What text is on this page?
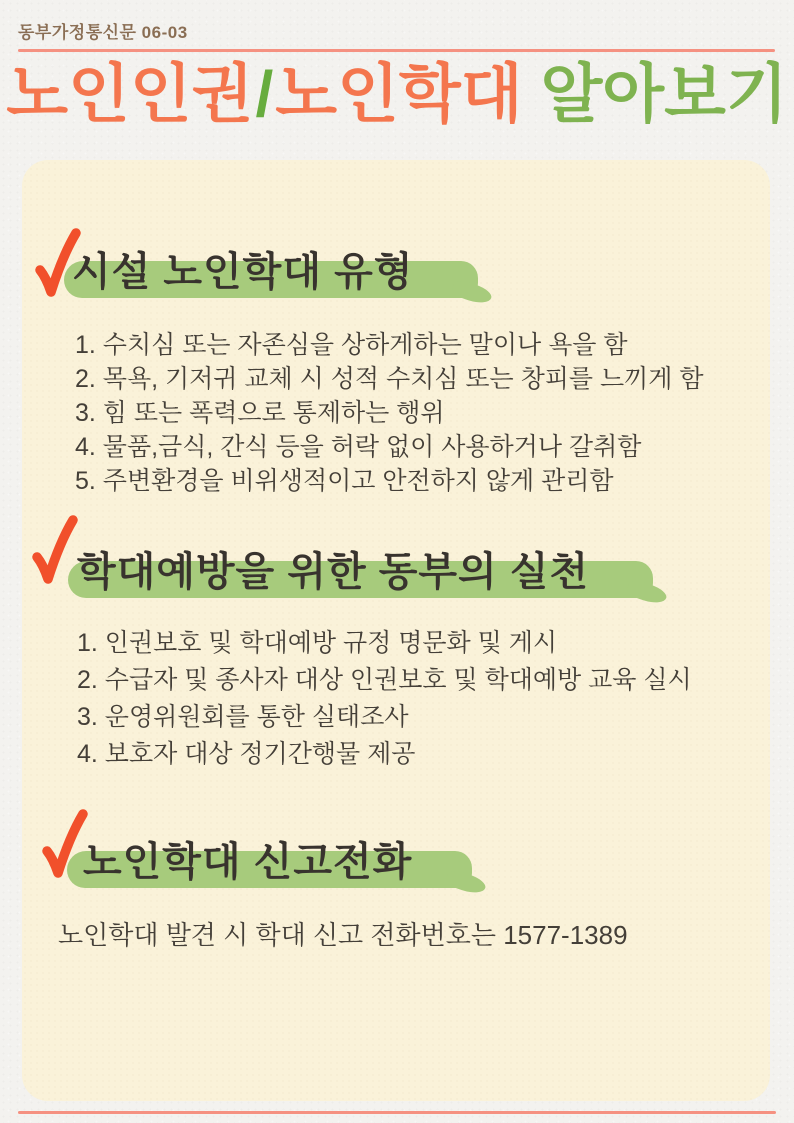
동부가정통신문 06-03
노인인권/노인학대 알아보기
시설 노인학대 유형
1. 수치심 또는 자존심을 상하게하는 말이나 욕을 함
2. 목욕, 기저귀 교체 시 성적 수치심 또는 창피를 느끼게 함
3. 힘 또는 폭력으로 통제하는 행위
4. 물품,금식, 간식 등을 허락 없이 사용하거나 갈취함
5. 주변환경을 비위생적이고 안전하지 않게 관리함
학대예방을 위한 동부의 실천
1. 인권보호 및 학대예방 규정 명문화 및 게시
2. 수급자 및 종사자 대상 인권보호 및 학대예방 교육 실시
3. 운영위원회를 통한 실태조사
4. 보호자 대상 정기간행물 제공
노인학대 신고전화
노인학대 발견 시 학대 신고 전화번호는 1577-1389
